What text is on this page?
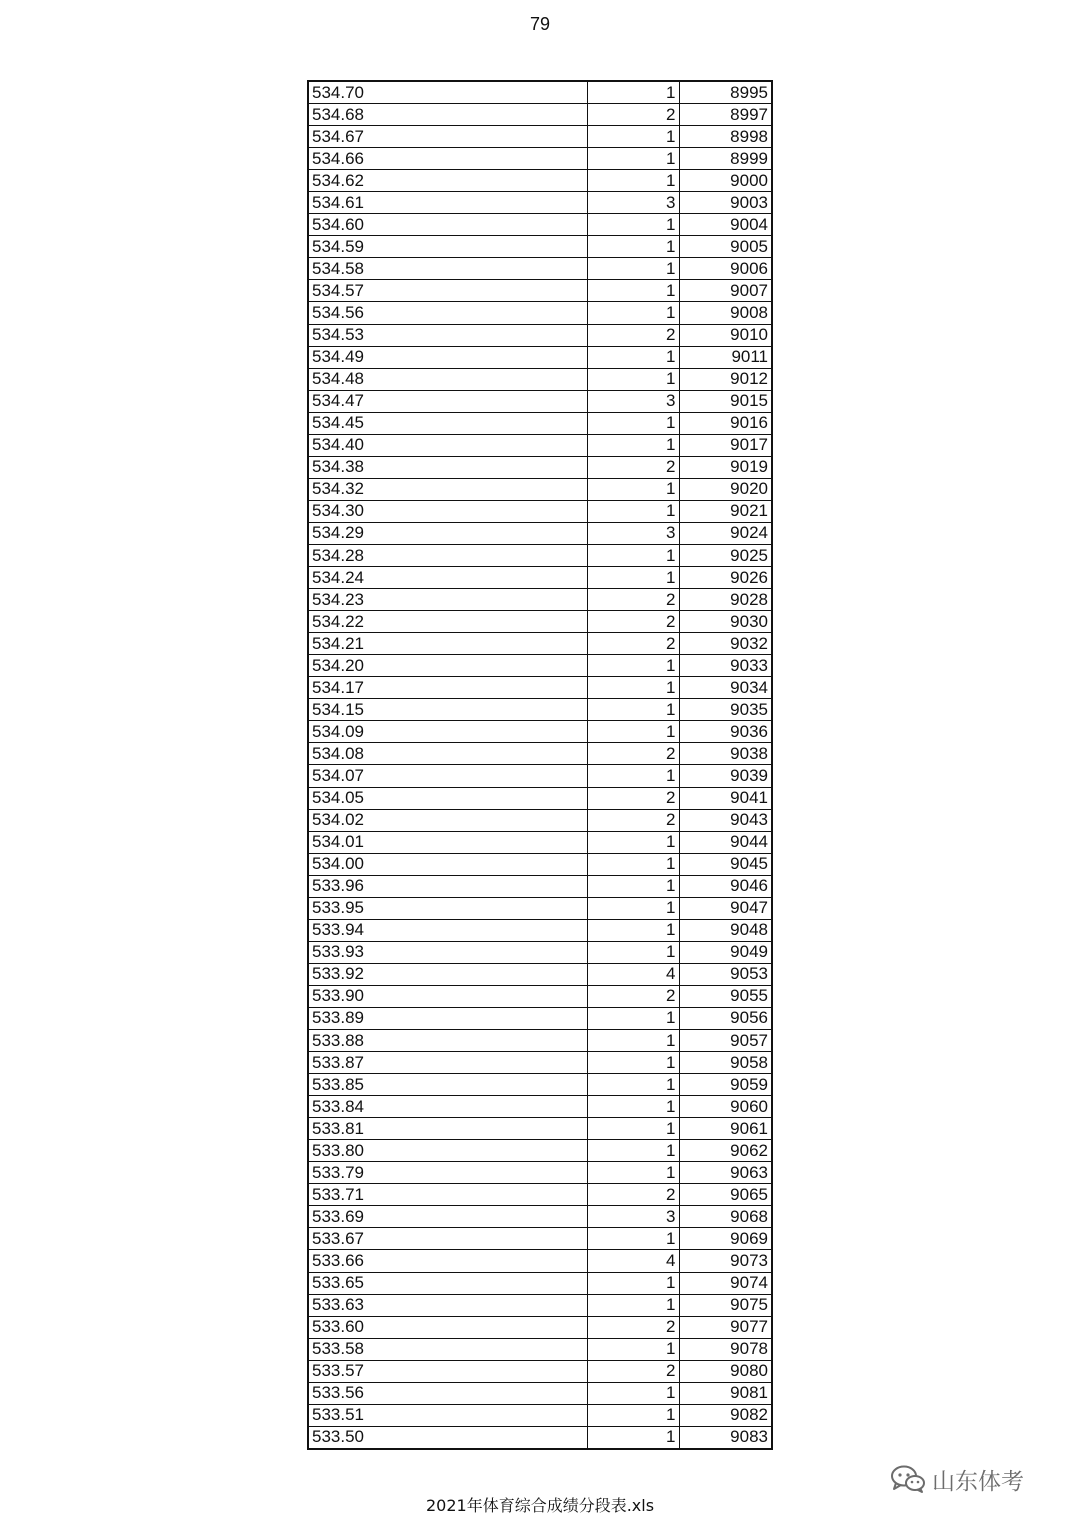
79
534.70	1	8995
534.68	2	8997
534.67	1	8998
534.66	1	8999
534.62	1	9000
534.61	3	9003
534.60	1	9004
534.59	1	9005
534.58	1	9006
534.57	1	9007
534.56	1	9008
534.53	2	9010
534.49	1	9011
534.48	1	9012
534.47	3	9015
534.45	1	9016
534.40	1	9017
534.38	2	9019
534.32	1	9020
534.30	1	9021
534.29	3	9024
534.28	1	9025
534.24	1	9026
534.23	2	9028
534.22	2	9030
534.21	2	9032
534.20	1	9033
534.17	1	9034
534.15	1	9035
534.09	1	9036
534.08	2	9038
534.07	1	9039
534.05	2	9041
534.02	2	9043
534.01	1	9044
534.00	1	9045
533.96	1	9046
533.95	1	9047
533.94	1	9048
533.93	1	9049
533.92	4	9053
533.90	2	9055
533.89	1	9056
533.88	1	9057
533.87	1	9058
533.85	1	9059
533.84	1	9060
533.81	1	9061
533.80	1	9062
533.79	1	9063
533.71	2	9065
533.69	3	9068
533.67	1	9069
533.66	4	9073
533.65	1	9074
533.63	1	9075
533.60	2	9077
533.58	1	9078
533.57	2	9080
533.56	1	9081
533.51	1	9082
533.50	1	9083
山东体考
2021年体育综合成绩分段表.xls
